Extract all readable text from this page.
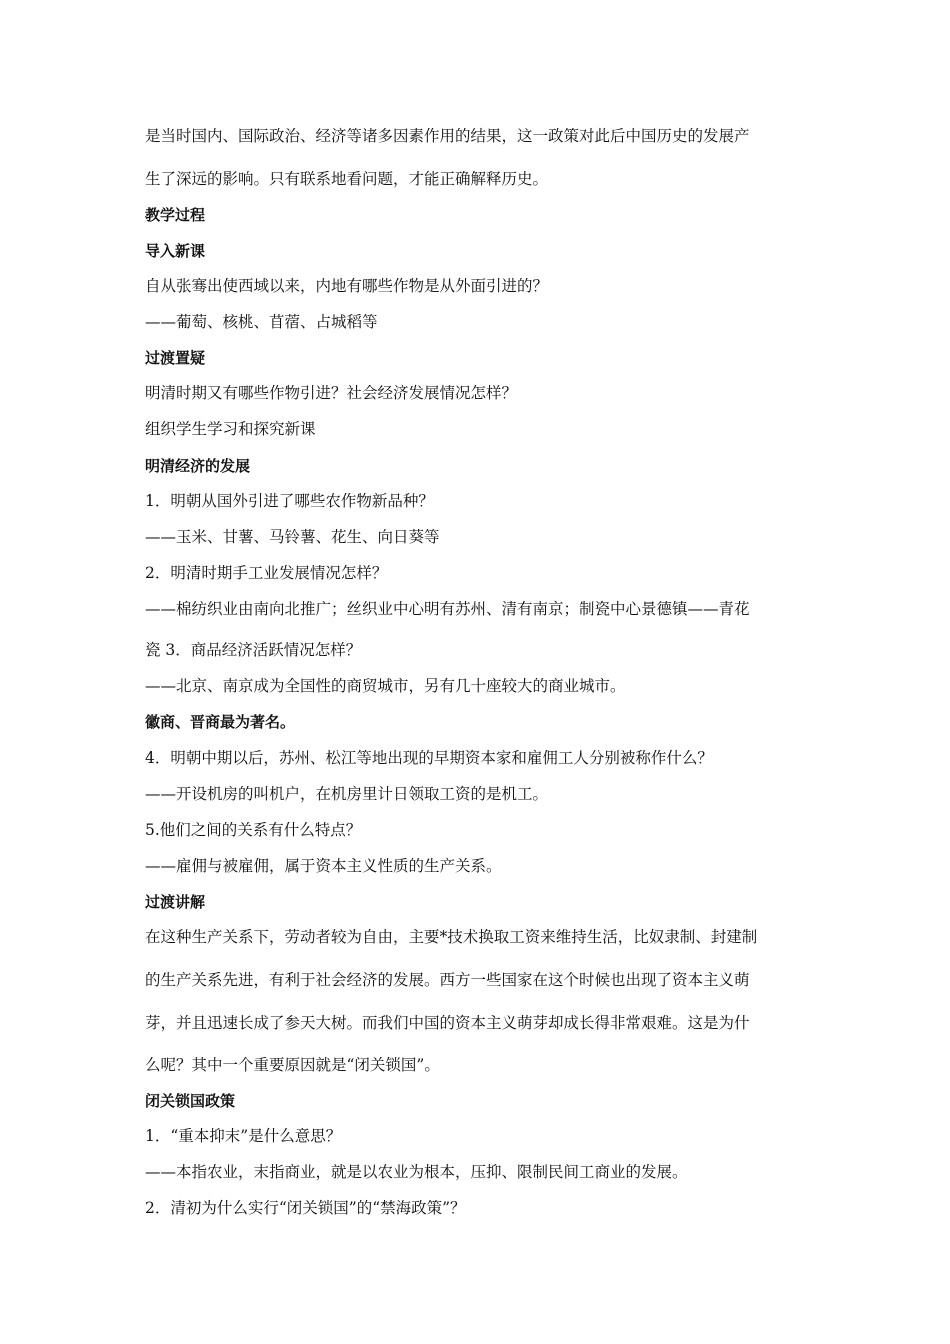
是当时国内、国际政治、经济等诸多因素作用的结果，这一政策对此后中国历史的发展产
生了深远的影响。只有联系地看问题，才能正确解释历史。
教学过程
导入新课
自从张骞出使西域以来，内地有哪些作物是从外面引进的？
——葡萄、核桃、苜蓿、占城稻等
过渡置疑
明清时期又有哪些作物引进？社会经济发展情况怎样？
组织学生学习和探究新课
明清经济的发展
1．明朝从国外引进了哪些农作物新品种？
——玉米、甘薯、马铃薯、花生、向日葵等
2．明清时期手工业发展情况怎样？
——棉纺织业由南向北推广；丝织业中心明有苏州、清有南京；制瓷中心景德镇——青花
瓷 3．商品经济活跃情况怎样？
——北京、南京成为全国性的商贸城市，另有几十座较大的商业城市。
徽商、晋商最为著名。
4．明朝中期以后，苏州、松江等地出现的早期资本家和雇佣工人分别被称作什么？
——开设机房的叫机户，在机房里计日领取工资的是机工。
5.他们之间的关系有什么特点？
——雇佣与被雇佣，属于资本主义性质的生产关系。
过渡讲解
在这种生产关系下，劳动者较为自由，主要*技术换取工资来维持生活，比奴隶制、封建制
的生产关系先进，有利于社会经济的发展。西方一些国家在这个时候也出现了资本主义萌
芽，并且迅速长成了参天大树。而我们中国的资本主义萌芽却成长得非常艰难。这是为什
么呢？其中一个重要原因就是“闭关锁国”。
闭关锁国政策
1．“重本抑末”是什么意思？
——本指农业，末指商业，就是以农业为根本，压抑、限制民间工商业的发展。
2．清初为什么实行“闭关锁国”的“禁海政策”？
